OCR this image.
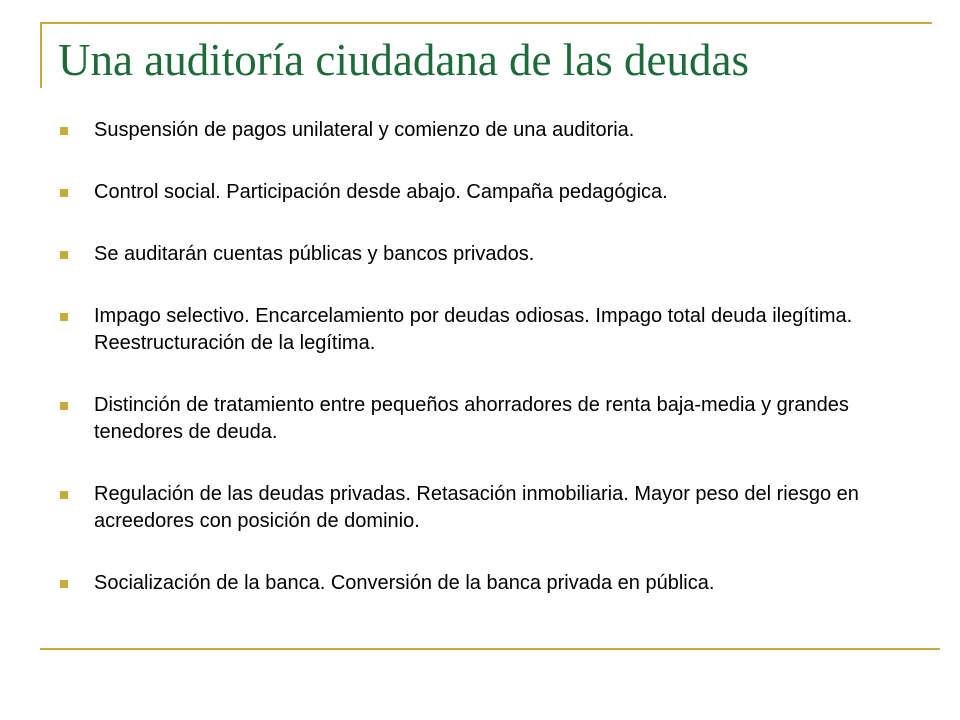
Una auditoría ciudadana de las deudas
Suspensión de pagos unilateral y comienzo de una auditoria.
Control social. Participación desde abajo. Campaña pedagógica.
Se auditarán cuentas públicas y bancos privados.
Impago selectivo. Encarcelamiento por deudas odiosas. Impago total deuda ilegítima. Reestructuración de la legítima.
Distinción de tratamiento entre pequeños ahorradores de renta baja-media y grandes tenedores de deuda.
Regulación de las deudas privadas. Retasación inmobiliaria. Mayor peso del riesgo en acreedores con posición de dominio.
Socialización de la banca. Conversión de la banca privada en pública.
